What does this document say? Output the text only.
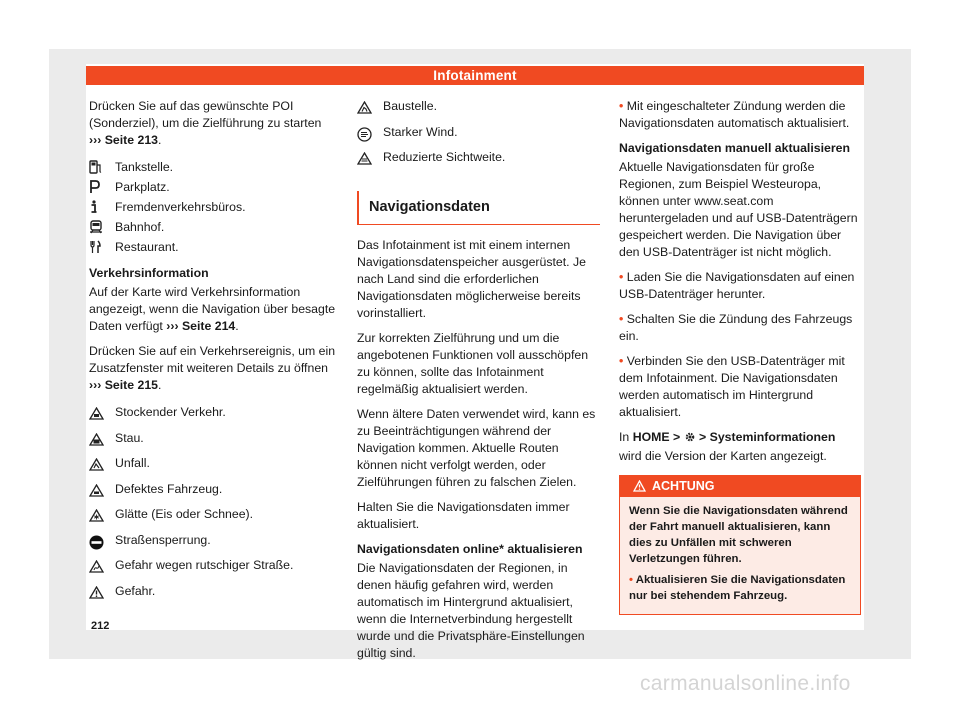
Infotainment

Drücken Sie auf das gewünschte POI (Sonderziel), um die Zielführung zu starten ››› Seite 213.

Tankstelle.
Parkplatz.
Fremdenverkehrsbüros.
Bahnhof.
Restaurant.

Verkehrsinformation

Auf der Karte wird Verkehrsinformation angezeigt, wenn die Navigation über besagte Daten verfügt ››› Seite 214.

Drücken Sie auf ein Verkehrsereignis, um ein Zusatzfenster mit weiteren Details zu öffnen ››› Seite 215.

Stockender Verkehr.
Stau.
Unfall.
Defektes Fahrzeug.
Glätte (Eis oder Schnee).
Straßensperrung.
Gefahr wegen rutschiger Straße.
Gefahr.
Baustelle.
Starker Wind.
Reduzierte Sichtweite.
Navigationsdaten

Das Infotainment ist mit einem internen Navigationsdatenspeicher ausgerüstet. Je nach Land sind die erforderlichen Navigationsdaten möglicherweise bereits vorinstalliert.

Zur korrekten Zielführung und um die angebotenen Funktionen voll ausschöpfen zu können, sollte das Infotainment regelmäßig aktualisiert werden.

Wenn ältere Daten verwendet wird, kann es zu Beeinträchtigungen während der Navigation kommen. Aktuelle Routen können nicht verfolgt werden, oder Zielführungen führen zu falschen Zielen.

Halten Sie die Navigationsdaten immer aktualisiert.

Navigationsdaten online* aktualisieren

Die Navigationsdaten der Regionen, in denen häufig gefahren wird, werden automatisch im Hintergrund aktualisiert, wenn die Internetverbindung hergestellt wurde und die Privatsphäre-Einstellungen gültig sind.

• Mit eingeschalteter Zündung werden die Navigationsdaten automatisch aktualisiert.

Navigationsdaten manuell aktualisieren

Aktuelle Navigationsdaten für große Regionen, zum Beispiel Westeuropa, können unter www.seat.com heruntergeladen und auf USB-Datenträgern gespeichert werden. Die Navigation über den USB-Datenträger ist nicht möglich.

• Laden Sie die Navigationsdaten auf einen USB-Datenträger herunter.

• Schalten Sie die Zündung des Fahrzeugs ein.

• Verbinden Sie den USB-Datenträger mit dem Infotainment. Die Navigationsdaten werden automatisch im Hintergrund aktualisiert.

In HOME > > Systeminformationen wird die Version der Karten angezeigt.

ACHTUNG

Wenn Sie die Navigationsdaten während der Fahrt manuell aktualisieren, kann dies zu Unfällen mit schweren Verletzungen führen.

• Aktualisieren Sie die Navigationsdaten nur bei stehendem Fahrzeug.

212
carmanualsonline.info
